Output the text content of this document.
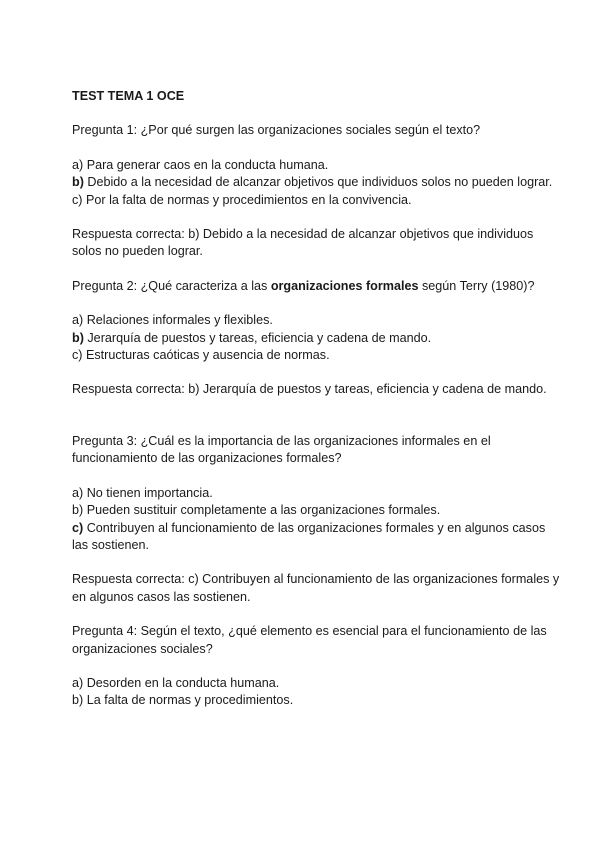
TEST TEMA 1 OCE

Pregunta 1: ¿Por qué surgen las organizaciones sociales según el texto?

a) Para generar caos en la conducta humana.

b) Debido a la necesidad de alcanzar objetivos que individuos solos no pueden lograr.

c) Por la falta de normas y procedimientos en la convivencia.

Respuesta correcta: b) Debido a la necesidad de alcanzar objetivos que individuos solos no pueden lograr.

Pregunta 2: ¿Qué caracteriza a las organizaciones formales según Terry (1980)?

a) Relaciones informales y flexibles.

b) Jerarquía de puestos y tareas, eficiencia y cadena de mando.

c) Estructuras caóticas y ausencia de normas.

Respuesta correcta: b) Jerarquía de puestos y tareas, eficiencia y cadena de mando.

Pregunta 3: ¿Cuál es la importancia de las organizaciones informales en el funcionamiento de las organizaciones formales?

a) No tienen importancia.

b) Pueden sustituir completamente a las organizaciones formales.

c) Contribuyen al funcionamiento de las organizaciones formales y en algunos casos las sostienen.

Respuesta correcta: c) Contribuyen al funcionamiento de las organizaciones formales y en algunos casos las sostienen.

Pregunta 4: Según el texto, ¿qué elemento es esencial para el funcionamiento de las organizaciones sociales?

a) Desorden en la conducta humana.

b) La falta de normas y procedimientos.
